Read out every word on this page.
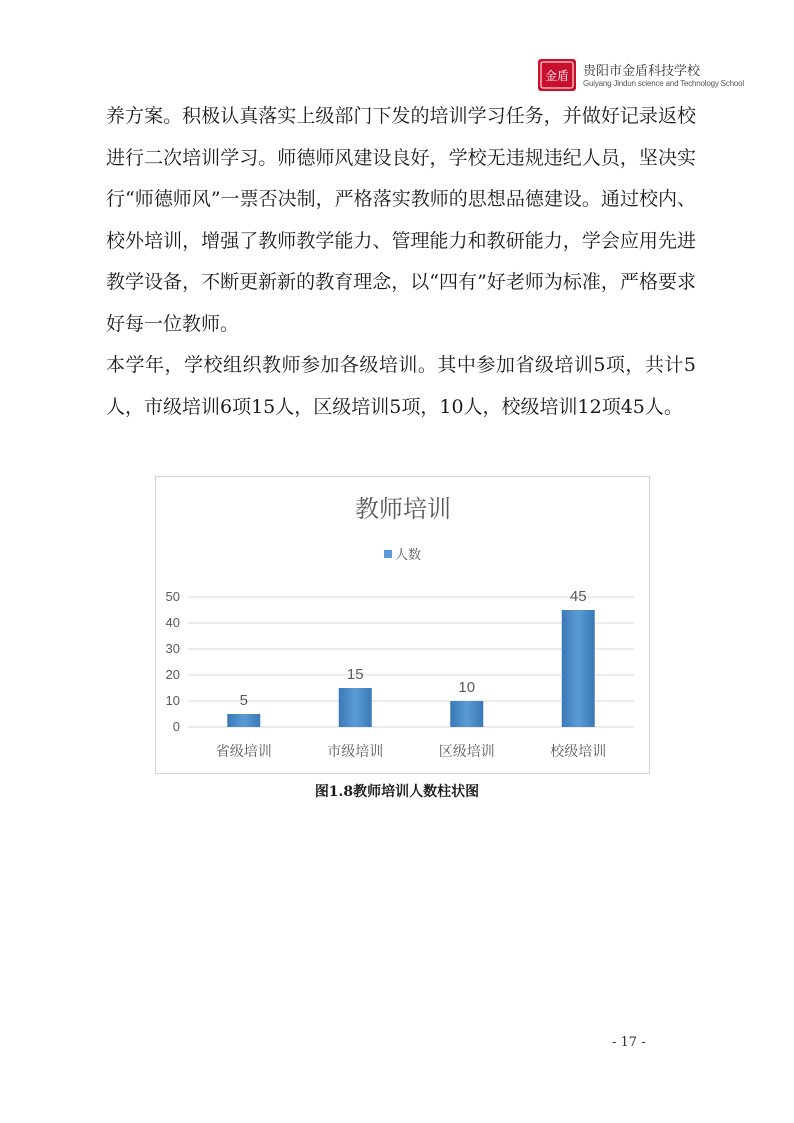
金盾 贵阳市金盾科技学校
Guiyang Jindun science and Technology School

养方案。积极认真落实上级部门下发的培训学习任务，并做好记录返校进行二次培训学习。师德师风建设良好，学校无违规违纪人员，坚决实行“师德师风”一票否决制，严格落实教师的思想品德建设。通过校内、校外培训，增强了教师教学能力、管理能力和教研能力，学会应用先进教学设备，不断更新新的教育理念，以“四有”好老师为标准，严格要求好每一位教师。

本学年，学校组织教师参加各级培训。其中参加省级培训5项，共计5人，市级培训6项15人，区级培训5项，10人，校级培训12项45人。

教师培训
人数
0
10
20
30
40
50
5
省级培训
15
市级培训
10
区级培训
45
校级培训
图1.8教师培训人数柱状图
- 17 -
